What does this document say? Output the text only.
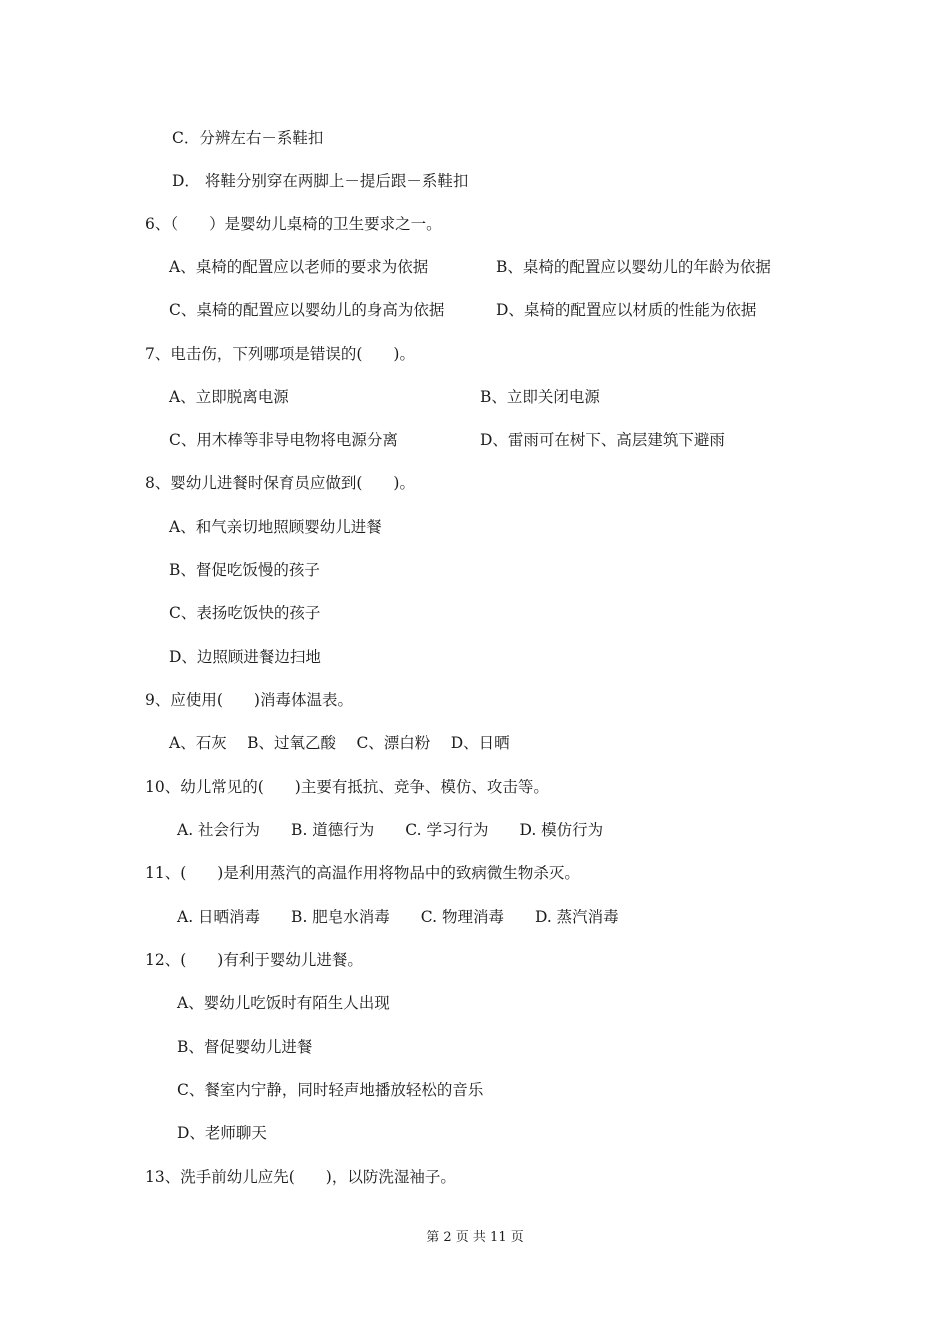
C．分辨左右－系鞋扣
D． 将鞋分别穿在两脚上－提后跟－系鞋扣
6、（　　）是婴幼儿桌椅的卫生要求之一。
A、桌椅的配置应以老师的要求为依据	B、桌椅的配置应以婴幼儿的年龄为依据
C、桌椅的配置应以婴幼儿的身高为依据	D、桌椅的配置应以材质的性能为依据
7、电击伤，下列哪项是错误的(　　)。
A、立即脱离电源	B、立即关闭电源
C、用木棒等非导电物将电源分离	D、雷雨可在树下、高层建筑下避雨
8、婴幼儿进餐时保育员应做到(　　)。
A、和气亲切地照顾婴幼儿进餐
B、督促吃饭慢的孩子
C、表扬吃饭快的孩子
D、边照顾进餐边扫地
9、应使用(　　)消毒体温表。
A、石灰　 B、过氧乙酸　 C、漂白粉　 D、日晒
10、幼儿常见的(　　)主要有抵抗、竞争、模仿、攻击等。
A. 社会行为　　B. 道德行为　　C. 学习行为　　D. 模仿行为
11、(　　)是利用蒸汽的高温作用将物品中的致病微生物杀灭。
A. 日晒消毒　　B. 肥皂水消毒　　C. 物理消毒　　D. 蒸汽消毒
12、(　　)有利于婴幼儿进餐。
A、婴幼儿吃饭时有陌生人出现
B、督促婴幼儿进餐
C、餐室内宁静，同时轻声地播放轻松的音乐
D、老师聊天
13、洗手前幼儿应先(　　)，以防洗湿袖子。
第 2 页 共 11 页
